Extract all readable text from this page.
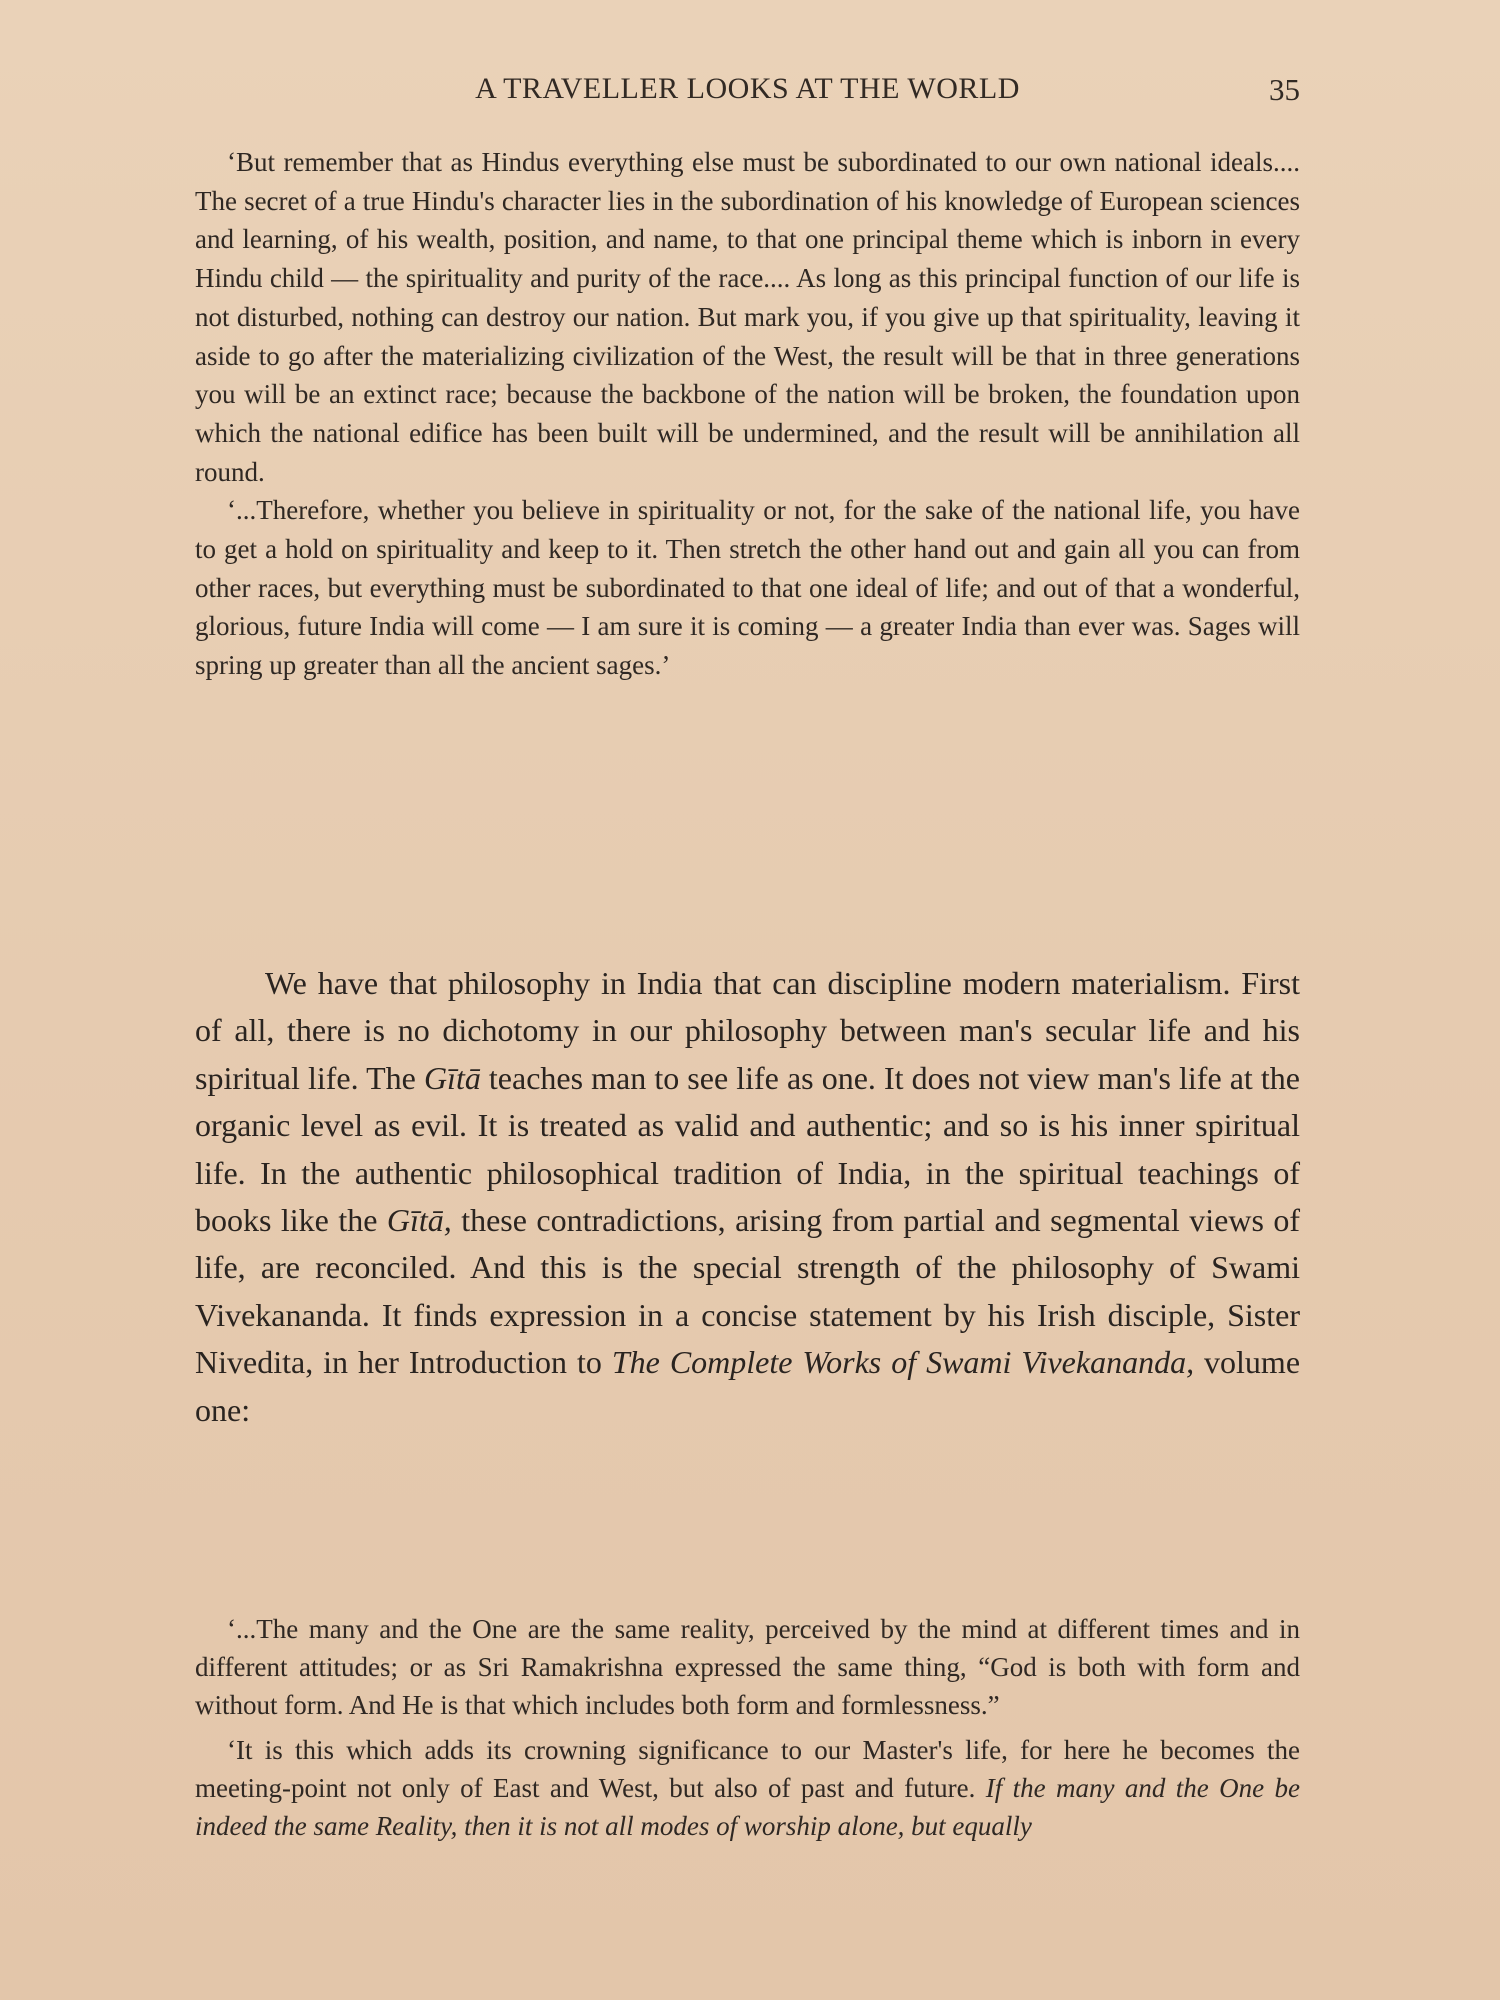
A TRAVELLER LOOKS AT THE WORLD	35

‘But remember that as Hindus everything else must be subordinated to our own national ideals.... The secret of a true Hindu's character lies in the subordination of his knowledge of European sciences and learning, of his wealth, position, and name, to that one principal theme which is inborn in every Hindu child — the spirituality and purity of the race.... As long as this principal function of our life is not disturbed, nothing can destroy our nation. But mark you, if you give up that spirituality, leaving it aside to go after the materializing civilization of the West, the result will be that in three generations you will be an extinct race; because the backbone of the nation will be broken, the foundation upon which the national edifice has been built will be undermined, and the result will be annihilation all round.

‘...Therefore, whether you believe in spirituality or not, for the sake of the national life, you have to get a hold on spirituality and keep to it. Then stretch the other hand out and gain all you can from other races, but everything must be subordinated to that one ideal of life; and out of that a wonderful, glorious, future India will come — I am sure it is coming — a greater India than ever was. Sages will spring up greater than all the ancient sages.’

We have that philosophy in India that can discipline modern materialism. First of all, there is no dichotomy in our philosophy between man's secular life and his spiritual life. The Gītā teaches man to see life as one. It does not view man's life at the organic level as evil. It is treated as valid and authentic; and so is his inner spiritual life. In the authentic philosophical tradition of India, in the spiritual teachings of books like the Gītā, these contradictions, arising from partial and segmental views of life, are reconciled. And this is the special strength of the philosophy of Swami Vivekananda. It finds expression in a concise statement by his Irish disciple, Sister Nivedita, in her Introduction to The Complete Works of Swami Vivekananda, volume one:

‘...The many and the One are the same reality, perceived by the mind at different times and in different attitudes; or as Sri Ramakrishna expressed the same thing, “God is both with form and without form. And He is that which includes both form and formlessness.”

‘It is this which adds its crowning significance to our Master's life, for here he becomes the meeting-point not only of East and West, but also of past and future. If the many and the One be indeed the same Reality, then it is not all modes of worship alone, but equally
